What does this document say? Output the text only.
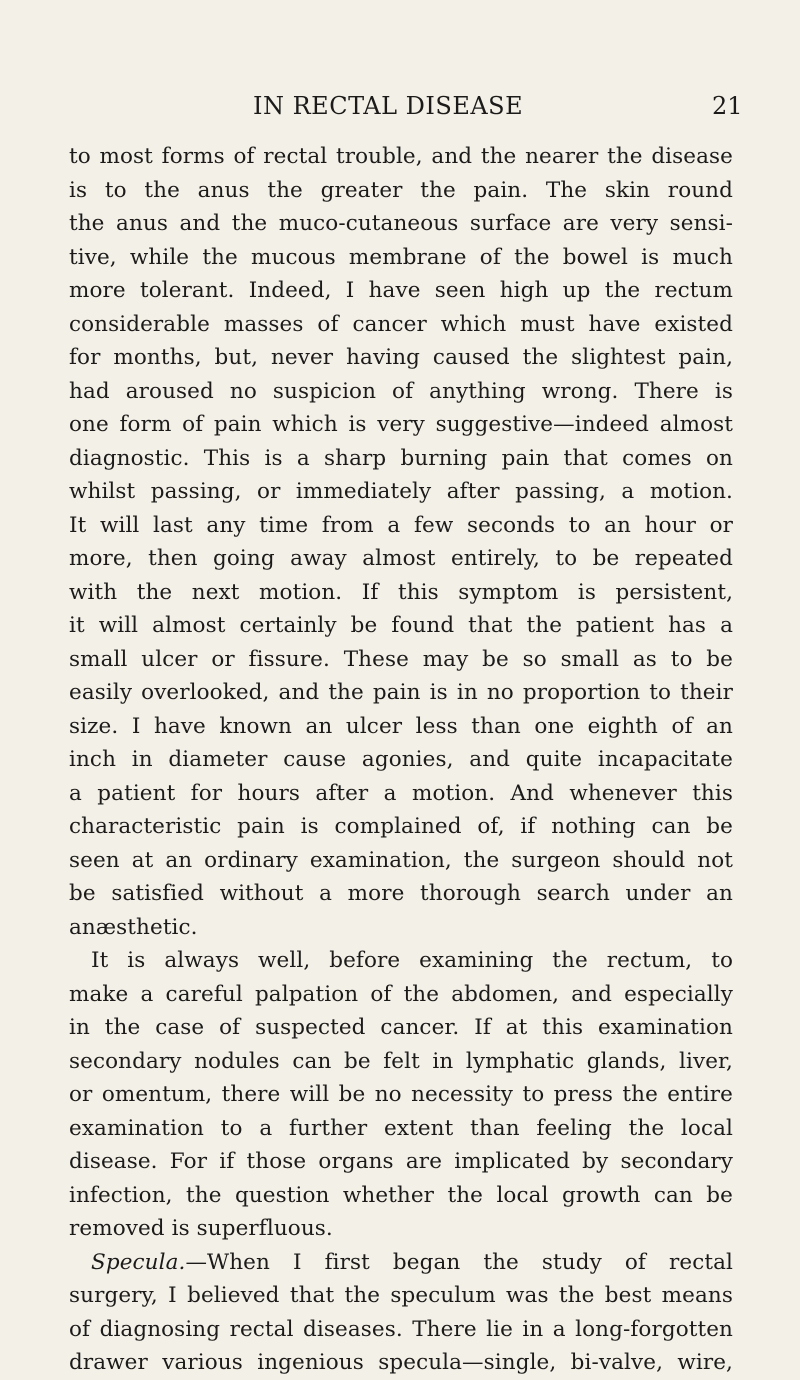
IN RECTAL DISEASE	21
to most forms of rectal trouble, and the nearer the disease
is to the anus the greater the pain. The skin round
the anus and the muco-cutaneous surface are very sensi-
tive, while the mucous membrane of the bowel is much
more tolerant. Indeed, I have seen high up the rectum
considerable masses of cancer which must have existed
for months, but, never having caused the slightest pain,
had aroused no suspicion of anything wrong. There is
one form of pain which is very suggestive—indeed almost
diagnostic. This is a sharp burning pain that comes on
whilst passing, or immediately after passing, a motion.
It will last any time from a few seconds to an hour or
more, then going away almost entirely, to be repeated
with the next motion. If this symptom is persistent,
it will almost certainly be found that the patient has a
small ulcer or fissure. These may be so small as to be
easily overlooked, and the pain is in no proportion to their
size. I have known an ulcer less than one eighth of an
inch in diameter cause agonies, and quite incapacitate
a patient for hours after a motion. And whenever this
characteristic pain is complained of, if nothing can be
seen at an ordinary examination, the surgeon should not
be satisfied without a more thorough search under an
anæsthetic.
It is always well, before examining the rectum, to
make a careful palpation of the abdomen, and especially
in the case of suspected cancer. If at this examination
secondary nodules can be felt in lymphatic glands, liver,
or omentum, there will be no necessity to press the entire
examination to a further extent than feeling the local
disease. For if those organs are implicated by secondary
infection, the question whether the local growth can be
removed is superfluous.
Specula.—When I first began the study of rectal
surgery, I believed that the speculum was the best means
of diagnosing rectal diseases. There lie in a long-forgotten
drawer various ingenious specula—single, bi-valve, wire,
